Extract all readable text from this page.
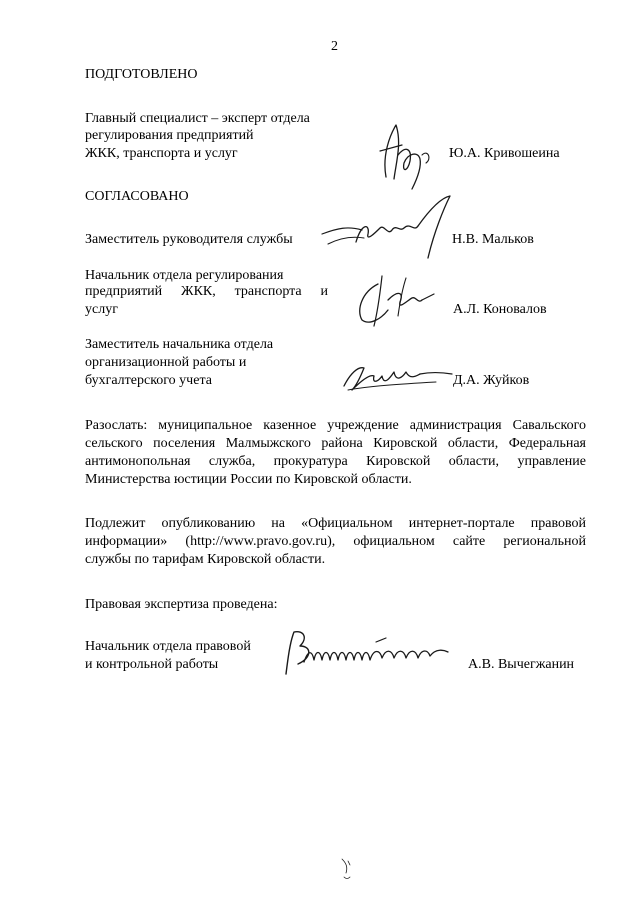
2
ПОДГОТОВЛЕНО
Главный специалист – эксперт отдела
регулирования предприятий
ЖКК, транспорта и услуг	Ю.А. Кривошеина
СОГЛАСОВАНО
Заместитель руководителя службы	Н.В. Мальков
Начальник отдела регулирования
предприятий ЖКК, транспорта и
услуг	А.Л. Коновалов
Заместитель начальника отдела
организационной работы и
бухгалтерского учета	Д.А. Жуйков
Разослать: муниципальное казенное учреждение администрация Савальского
сельского поселения Малмыжского района Кировской области, Федеральная
антимонопольная служба, прокуратура Кировской области, управление
Министерства юстиции России по Кировской области.
Подлежит опубликованию на «Официальном интернет-портале правовой
информации» (http://www.pravo.gov.ru), официальном сайте региональной
службы по тарифам Кировской области.
Правовая экспертиза проведена:
Начальник отдела правовой
и контрольной работы	А.В. Вычегжанин
